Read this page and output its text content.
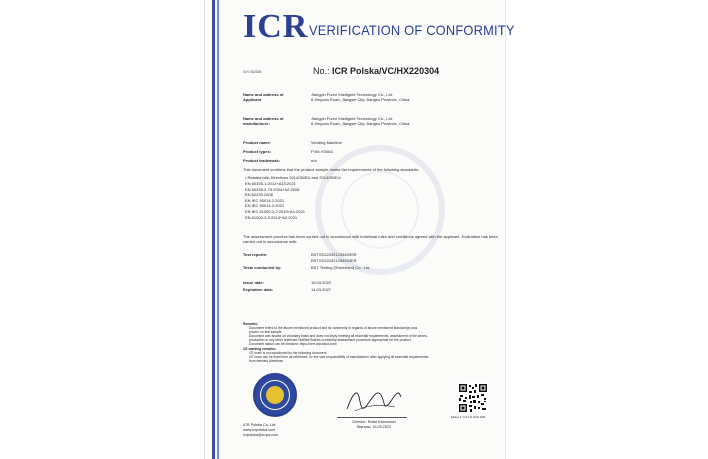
ICR VERIFICATION OF CONFORMITY
S/N 082558	No.: ICR Polska/VC/HX220304
Name and address of Applicant
Jiangyin Furen Intelligent Technology Co., Ltd.
6 Xinyuan Road, Jiangyin City, Jiangsu Province, China
Name and address of manufacturer:
Jiangyin Furen Intelligent Technology Co., Ltd.
6 Xinyuan Road, Jiangyin City, Jiangsu Province, China
Product name:	Vending Machine
Product types:	FVM-YD60C
Product trademark:	n/a
This document confirms that the product sample meets the requirements of the following standards:
• Related with Directives 2014/35/EU and 2014/30/EU:
EN 60335-1:2012+A15:2021
EN 60335-2-75:2004+A2:2008
EN 62233:2008
EN IEC 55014-1:2021
EN IEC 55014-2:2021
EN IEC 61000-3-2:2019+A1:2021
EN 61000-3-3:2013+A2:2021
The assessment process has been carried out in accordance with individual rules and conditions agreed with the applicant. Evaluation has been carried out in accordance with:
Test reports:	BSTXD220321205403SR
BSTXD220321205403ER
Tests conducted by:	BST Testing (Shenzhen) Co., Ltd.
Issue date:	15.03.2022
Expiration date:	14.03.2027
Remarks:
Document refers to the above mentioned product and its conformity in regards of above mentioned standard(s) was
proven on test sample
Document was issued on voluntary basis and does not imply meeting all essential requirements, assessment of the series-
production or any other restricted Notified Bodies conformity assessment procedure appropriate for the product
Document status can be checked: https://cert.icrpolska.com/
CE marking remarks:
CE mark is not sanctioned by the following document
CE mark can be fixed here as reference, on the sole responsibility of manufacturer after applying all essential requirements
from relevant directives
ICR Polska Co. Ltd.
www.icrpolska.com
icrpolska@icrpa.com
Director: Rafał Kalinowski
Warsaw, 15.03.2022
Edition 4 / 1.0.4 of 19.01.2021
